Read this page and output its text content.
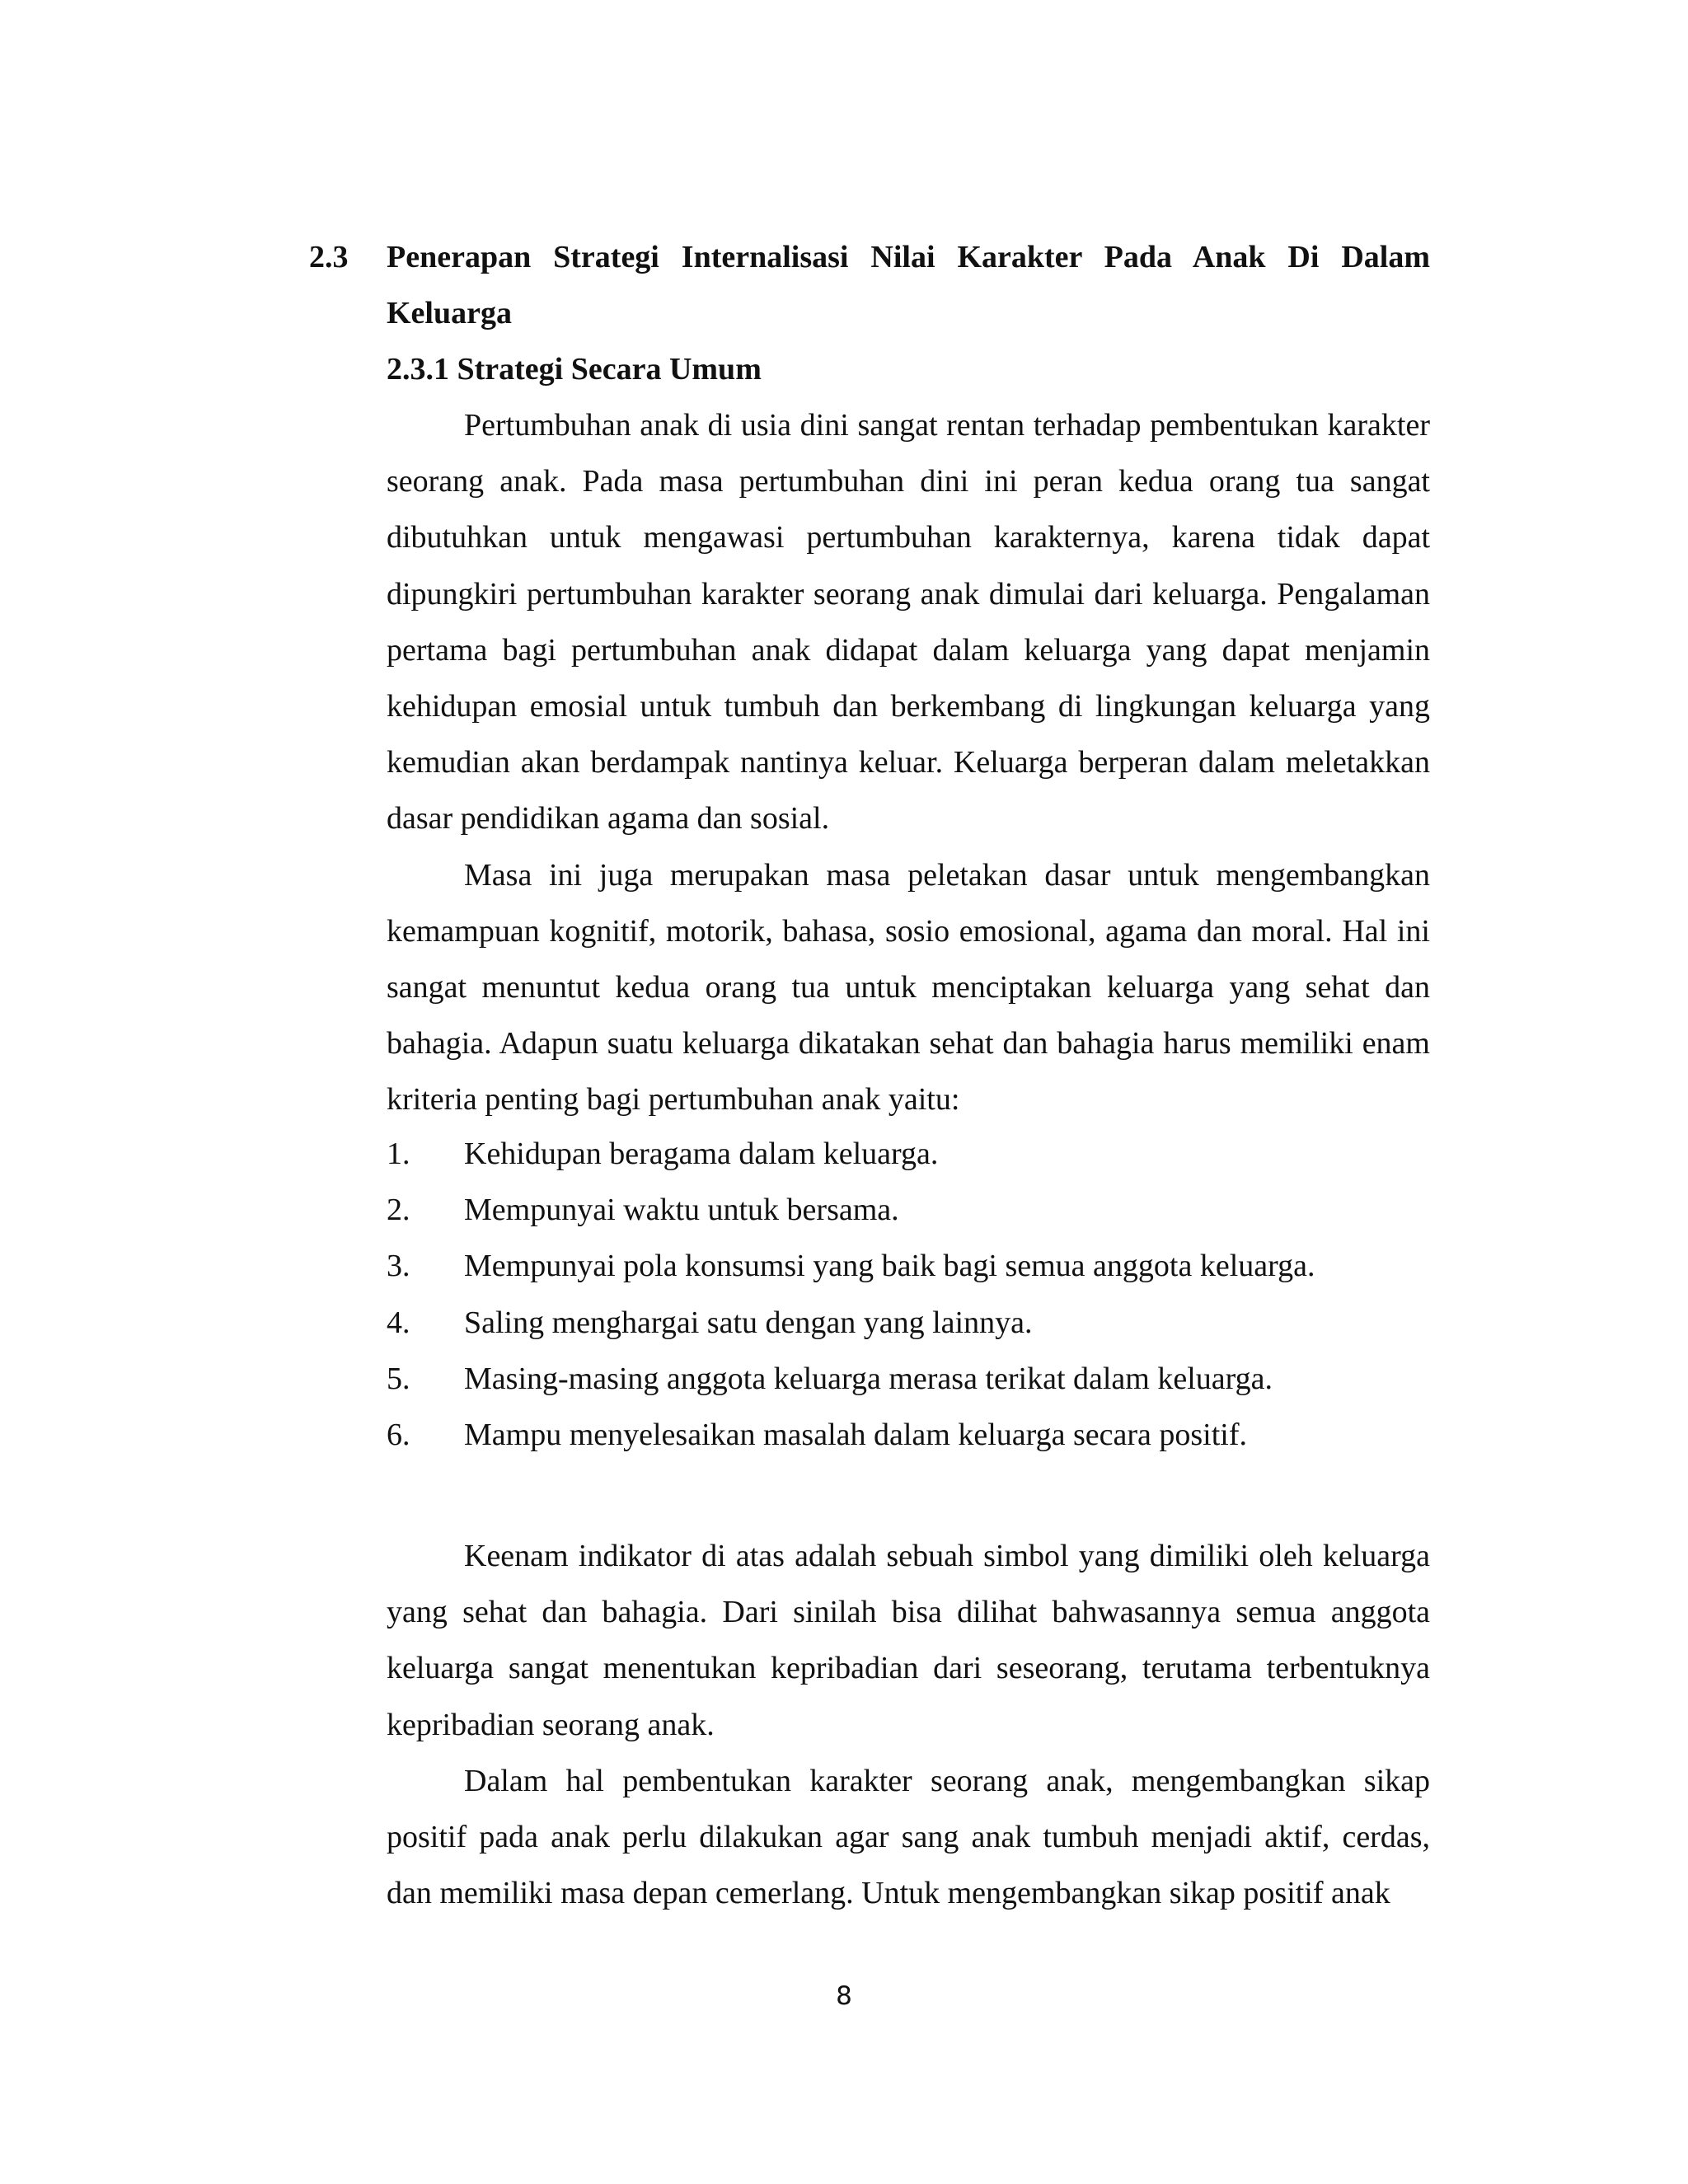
2.3 Penerapan Strategi Internalisasi Nilai Karakter Pada Anak Di Dalam Keluarga
2.3.1 Strategi Secara Umum

Pertumbuhan anak di usia dini sangat rentan terhadap pembentukan karakter seorang anak. Pada masa pertumbuhan dini ini peran kedua orang tua sangat dibutuhkan untuk mengawasi pertumbuhan karakternya, karena tidak dapat dipungkiri pertumbuhan karakter seorang anak dimulai dari keluarga. Pengalaman pertama bagi pertumbuhan anak didapat dalam keluarga yang dapat menjamin kehidupan emosial untuk tumbuh dan berkembang di lingkungan keluarga yang kemudian akan berdampak nantinya keluar. Keluarga berperan dalam meletakkan dasar pendidikan agama dan sosial.

Masa ini juga merupakan masa peletakan dasar untuk mengembangkan kemampuan kognitif, motorik, bahasa, sosio emosional, agama dan moral. Hal ini sangat menuntut kedua orang tua untuk menciptakan keluarga yang sehat dan bahagia. Adapun suatu keluarga dikatakan sehat dan bahagia harus memiliki enam kriteria penting bagi pertumbuhan anak yaitu:

1. Kehidupan beragama dalam keluarga.
2. Mempunyai waktu untuk bersama.
3. Mempunyai pola konsumsi yang baik bagi semua anggota keluarga.
4. Saling menghargai satu dengan yang lainnya.
5. Masing-masing anggota keluarga merasa terikat dalam keluarga.
6. Mampu menyelesaikan masalah dalam keluarga secara positif.

Keenam indikator di atas adalah sebuah simbol yang dimiliki oleh keluarga yang sehat dan bahagia. Dari sinilah bisa dilihat bahwasannya semua anggota keluarga sangat menentukan kepribadian dari seseorang, terutama terbentuknya kepribadian seorang anak.

Dalam hal pembentukan karakter seorang anak, mengembangkan sikap positif pada anak perlu dilakukan agar sang anak tumbuh menjadi aktif, cerdas, dan memiliki masa depan cemerlang. Untuk mengembangkan sikap positif anak

8
